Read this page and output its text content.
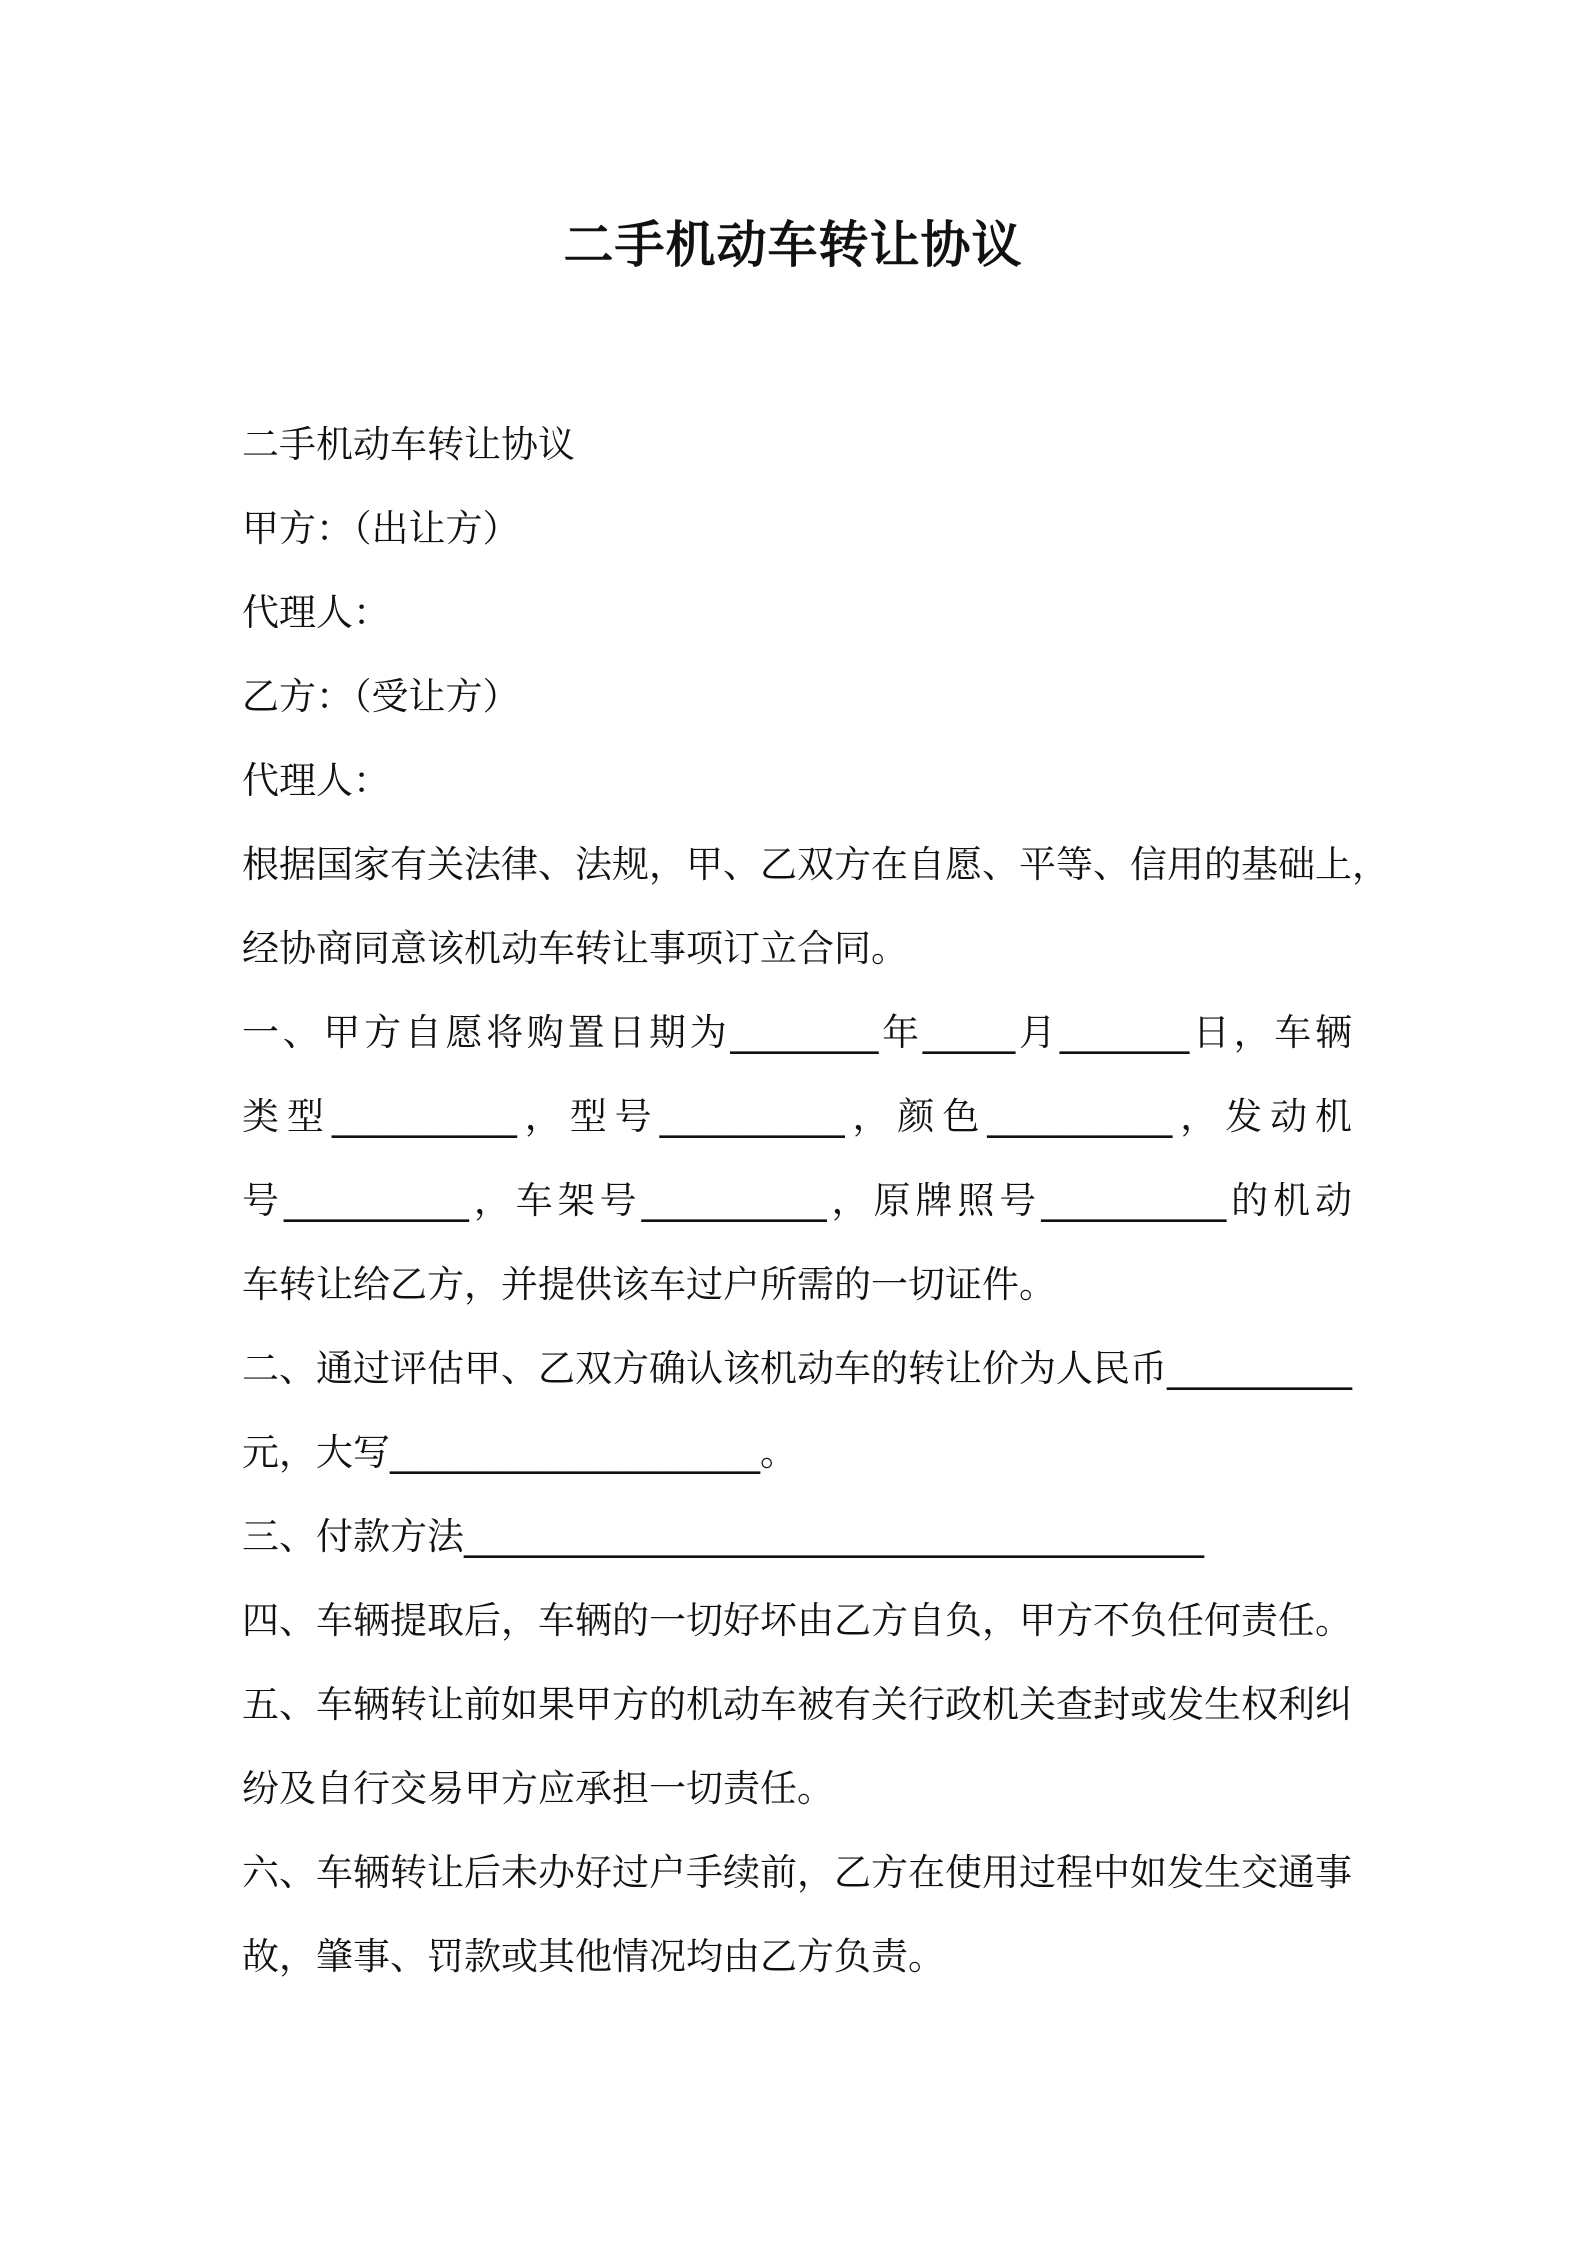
二手机动车转让协议
二手机动车转让协议
甲方：（出让方）
代理人：
乙方：（受让方）
代理人：
根据国家有关法律、法规，甲、乙双方在自愿、平等、信用的基础上，
经协商同意该机动车转让事项订立合同。
一、甲方自愿将购置日期为________年_____月_______日，车辆
类型__________，型号__________，颜色__________，发动机
号__________，车架号__________，原牌照号__________的机动
车转让给乙方，并提供该车过户所需的一切证件。
二、通过评估甲、乙双方确认该机动车的转让价为人民币__________
元，大写____________________。
三、付款方法________________________________________
四、车辆提取后，车辆的一切好坏由乙方自负，甲方不负任何责任。
五、车辆转让前如果甲方的机动车被有关行政机关查封或发生权利纠
纷及自行交易甲方应承担一切责任。
六、车辆转让后未办好过户手续前，乙方在使用过程中如发生交通事
故，肇事、罚款或其他情况均由乙方负责。
